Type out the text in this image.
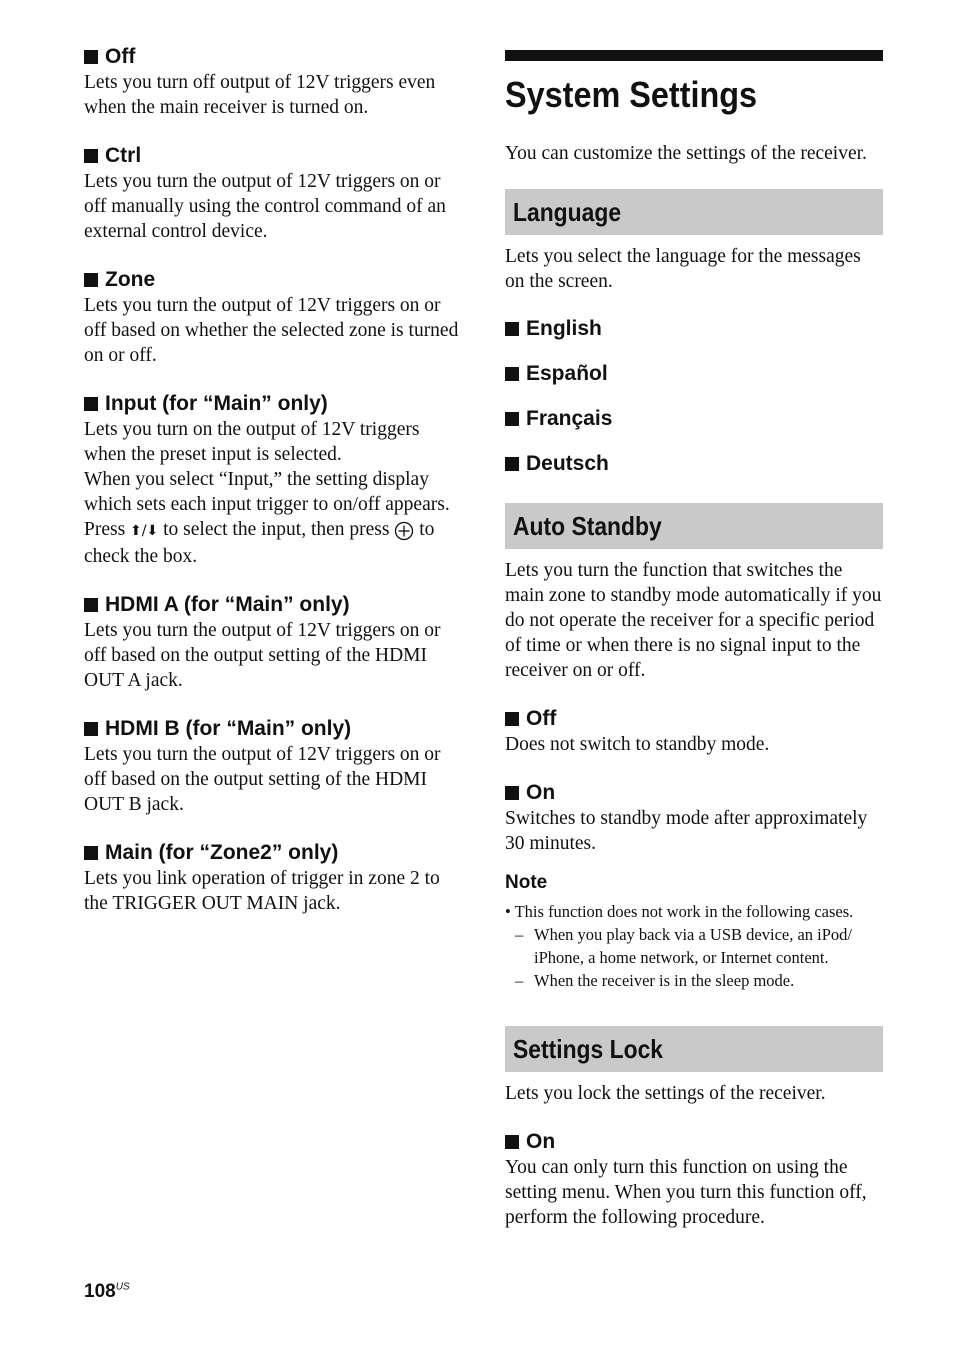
Off

Lets you turn off output of 12V triggers even when the main receiver is turned on.

Ctrl

Lets you turn the output of 12V triggers on or off manually using the control command of an external control device.

Zone

Lets you turn the output of 12V triggers on or off based on whether the selected zone is turned on or off.

Input (for “Main” only)

Lets you turn on the output of 12V triggers when the preset input is selected.

When you select “Input,” the setting display which sets each input trigger to on/off appears.

Press ⬆/⬇ to select the input, then press to check the box.

HDMI A (for “Main” only)

Lets you turn the output of 12V triggers on or off based on the output setting of the HDMI OUT A jack.

HDMI B (for “Main” only)

Lets you turn the output of 12V triggers on or off based on the output setting of the HDMI OUT B jack.

Main (for “Zone2” only)

Lets you link operation of trigger in zone 2 to the TRIGGER OUT MAIN jack.

System Settings

You can customize the settings of the receiver.

Language

Lets you select the language for the messages on the screen.

English
Español
Français
Deutsch
Auto Standby

Lets you turn the function that switches the main zone to standby mode automatically if you do not operate the receiver for a specific period of time or when there is no signal input to the receiver on or off.

Off

Does not switch to standby mode.

On

Switches to standby mode after approximately 30 minutes.

Note

• This function does not work in the following cases.

– When you play back via a USB device, an iPod/ iPhone, a home network, or Internet content.
– When the receiver is in the sleep mode.
Settings Lock

Lets you lock the settings of the receiver.

On

You can only turn this function on using the setting menu. When you turn this function off, perform the following procedure.

$108^{US}$
